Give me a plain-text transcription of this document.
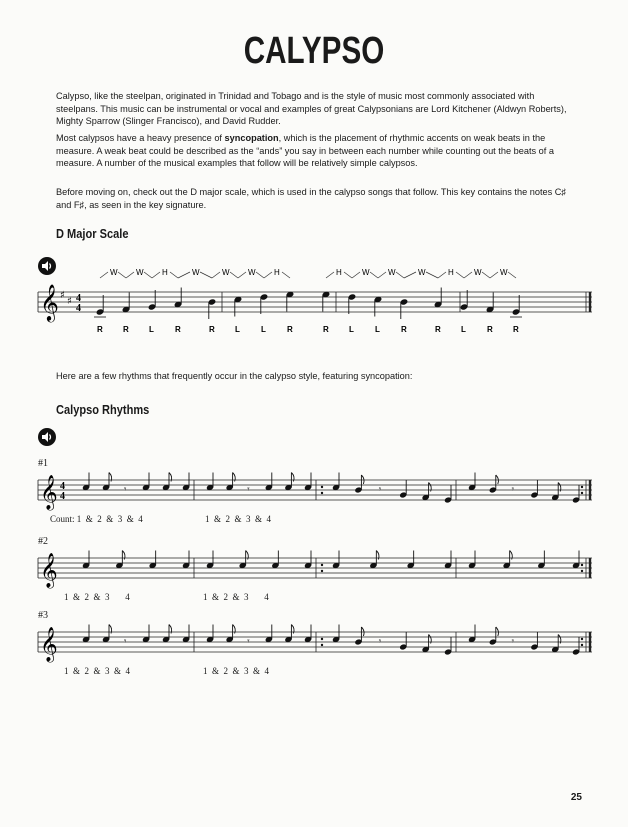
CALYPSO

Calypso, like the steelpan, originated in Trinidad and Tobago and is the style of music most commonly associated with steelpans. This music can be instrumental or vocal and examples of great Calypsonians are Lord Kitchener (Aldwyn Roberts), Mighty Sparrow (Slinger Francisco), and David Rudder.

Most calypsos have a heavy presence of syncopation, which is the placement of rhythmic accents on weak beats in the measure. A weak beat could be described as the “ands” you say in between each number while counting out the beats of a measure. A number of the musical examples that follow will be relatively simple calypsos.

Before moving on, check out the D major scale, which is used in the calypso songs that follow. This key contains the notes C♯ and F♯, as seen in the key signature.

D Major Scale
𝄞 ♯
♯ 4
4
W W H	W	W W H	H	W W	W	H	W W
R	R	L	R	R	L	L	R	R	L	L	R	R	L	R	R
Here are a few rhythms that frequently occur in the calypso style, featuring syncopation:
Calypso Rhythms
#1
𝄞 4
4
𝄾	𝄾	𝄾	𝄾
Count: 1  &  2  &  3  &  4	1  &  2  &  3  &  4
#2
𝄞
1  &  2  &  3       4	1  &  2  &  3       4
#3
𝄞	𝄾	𝄾	𝄾	𝄾
1  &  2  &  3  &  4	1  &  2  &  3  &  4
25
